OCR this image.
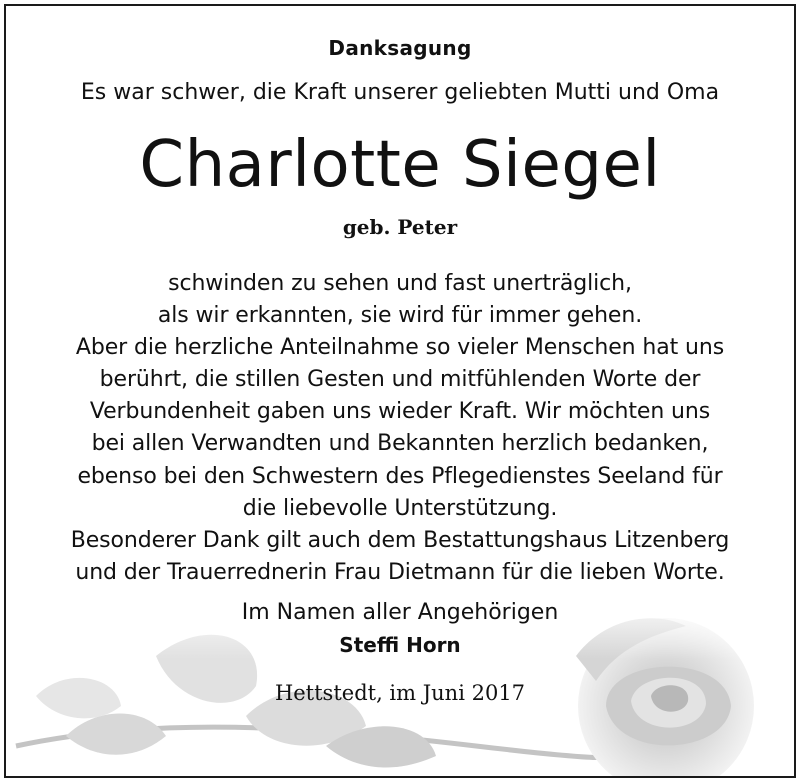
Danksagung
Es war schwer, die Kraft unserer geliebten Mutti und Oma
Charlotte Siegel
geb. Peter
schwinden zu sehen und fast unerträglich,
als wir erkannten, sie wird für immer gehen.
Aber die herzliche Anteilnahme so vieler Menschen hat uns
berührt, die stillen Gesten und mitfühlenden Worte der
Verbundenheit gaben uns wieder Kraft. Wir möchten uns
bei allen Verwandten und Bekannten herzlich bedanken,
ebenso bei den Schwestern des Pflegedienstes Seeland für
die liebevolle Unterstützung.
Besonderer Dank gilt auch dem Bestattungshaus Litzenberg
und der Trauerrednerin Frau Dietmann für die lieben Worte.
Im Namen aller Angehörigen
Steffi Horn
Hettstedt, im Juni 2017
